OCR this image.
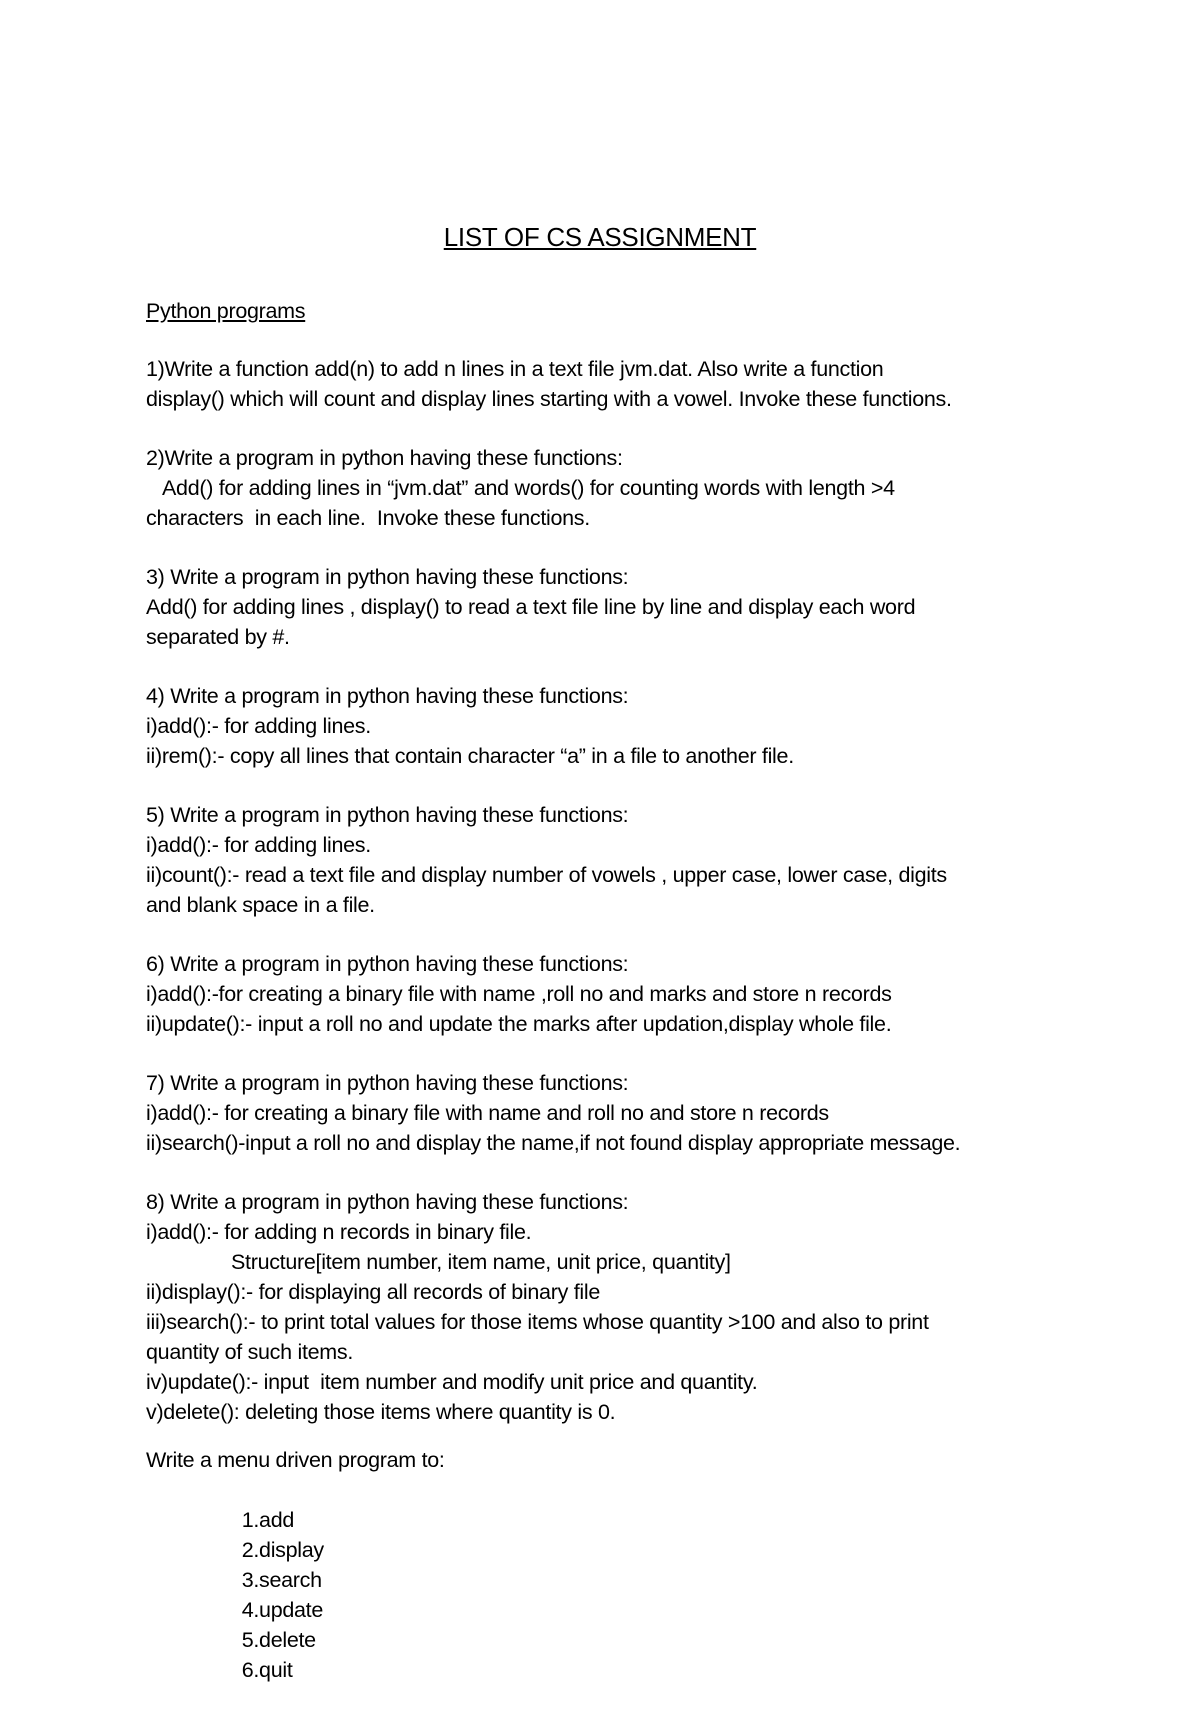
LIST OF CS ASSIGNMENT
Python programs
1)Write a function add(n) to add n lines in a text file jvm.dat. Also write a function
display() which will count and display lines starting with a vowel. Invoke these functions.
2)Write a program in python having these functions:
Add() for adding lines in “jvm.dat” and words() for counting words with length >4
characters  in each line.  Invoke these functions.
3) Write a program in python having these functions:
Add() for adding lines , display() to read a text file line by line and display each word
separated by #.
4) Write a program in python having these functions:
i)add():- for adding lines.
ii)rem():- copy all lines that contain character “a” in a file to another file.
5) Write a program in python having these functions:
i)add():- for adding lines.
ii)count():- read a text file and display number of vowels , upper case, lower case, digits
and blank space in a file.
6) Write a program in python having these functions:
i)add():-for creating a binary file with name ,roll no and marks and store n records
ii)update():- input a roll no and update the marks after updation,display whole file.
7) Write a program in python having these functions:
i)add():- for creating a binary file with name and roll no and store n records
ii)search()-input a roll no and display the name,if not found display appropriate message.
8) Write a program in python having these functions:
i)add():- for adding n records in binary file.
Structure[item number, item name, unit price, quantity]
ii)display():- for displaying all records of binary file
iii)search():- to print total values for those items whose quantity >100 and also to print
quantity of such items.
iv)update():- input  item number and modify unit price and quantity.
v)delete(): deleting those items where quantity is 0.
Write a menu driven program to:

1.add
2.display
3.search
4.update
5.delete
6.quit
